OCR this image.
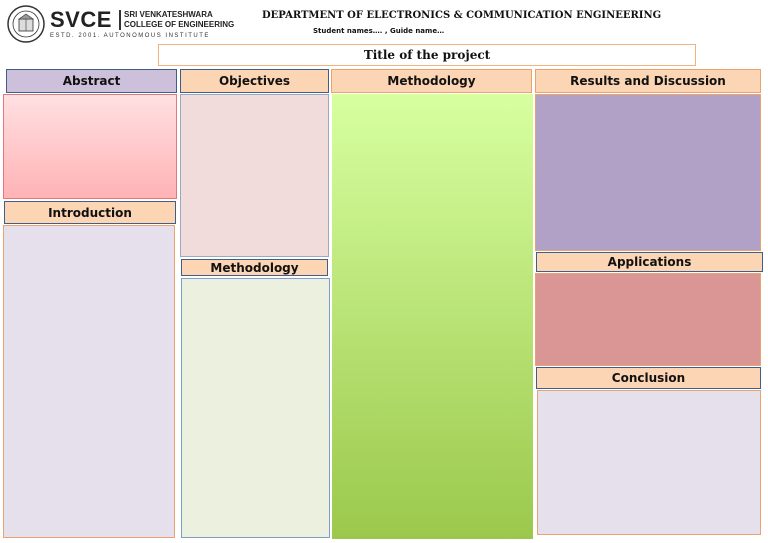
SVCE SRI VENKATESHWARA
COLLEGE OF ENGINEERING
ESTD. 2001. AUTONOMOUS INSTITUTE
DEPARTMENT OF ELECTRONICS & COMMUNICATION ENGINEERING
Student names…. , Guide name…
Title of the project
Abstract	Objectives	Methodology	Results and Discussion
Introduction
Methodology	Applications
Conclusion
